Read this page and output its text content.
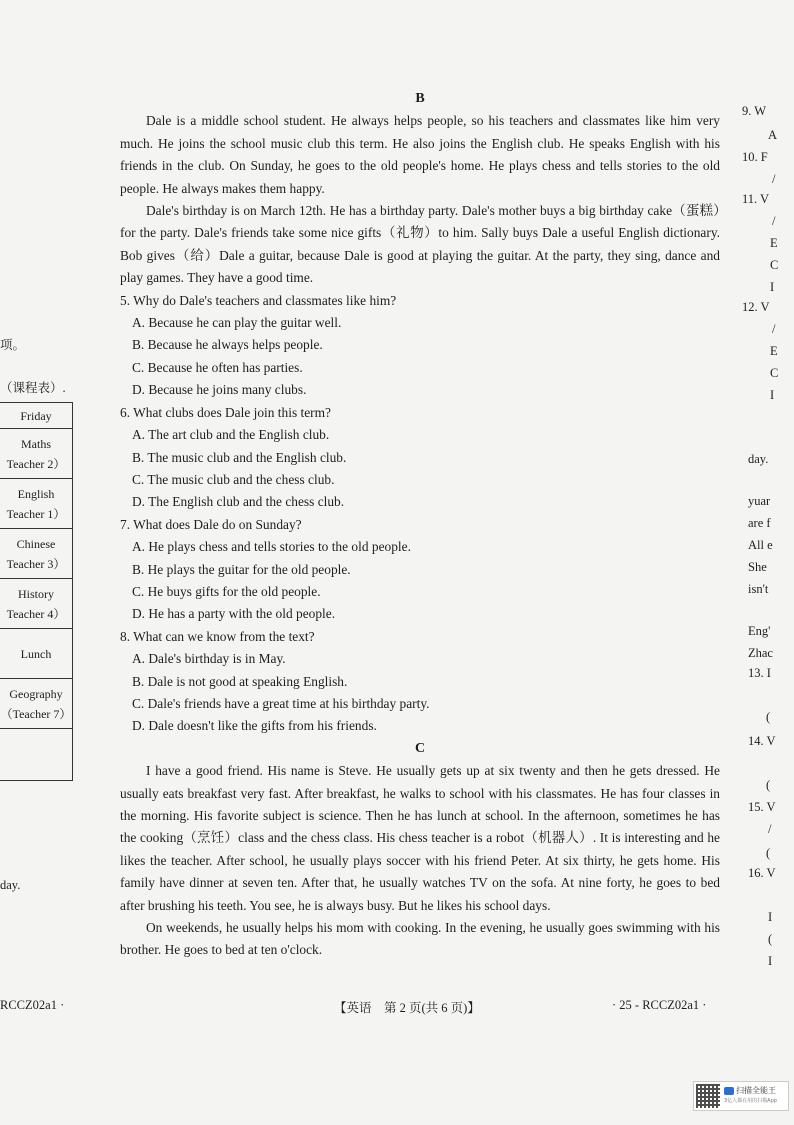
项。
（课程表）.
Friday
Maths
Teacher 2）
English
Teacher 1）
Chinese
Teacher 3）
History
Teacher 4）
Lunch
Geography
（Teacher 7）
day.
B

Dale is a middle school student. He always helps people, so his teachers and classmates like him very much. He joins the school music club this term. He also joins the English club. He speaks English with his friends in the club. On Sunday, he goes to the old people's home. He plays chess and tells stories to the old people. He always makes them happy.

Dale's birthday is on March 12th. He has a birthday party. Dale's mother buys a big birthday cake（蛋糕）for the party. Dale's friends take some nice gifts（礼物）to him. Sally buys Dale a useful English dictionary. Bob gives（给）Dale a guitar, because Dale is good at playing the guitar. At the party, they sing, dance and play games. They have a good time.

5. Why do Dale's teachers and classmates like him?
A. Because he can play the guitar well.
B. Because he always helps people.
C. Because he often has parties.
D. Because he joins many clubs.
6. What clubs does Dale join this term?
A. The art club and the English club.
B. The music club and the English club.
C. The music club and the chess club.
D. The English club and the chess club.
7. What does Dale do on Sunday?
A. He plays chess and tells stories to the old people.
B. He plays the guitar for the old people.
C. He buys gifts for the old people.
D. He has a party with the old people.
8. What can we know from the text?
A. Dale's birthday is in May.
B. Dale is not good at speaking English.
C. Dale's friends have a great time at his birthday party.
D. Dale doesn't like the gifts from his friends.
C

I have a good friend. His name is Steve. He usually gets up at six twenty and then he gets dressed. He usually eats breakfast very fast. After breakfast, he walks to school with his classmates. He has four classes in the morning. His favorite subject is science. Then he has lunch at school. In the afternoon, sometimes he has the cooking（烹饪）class and the chess class. His chess teacher is a robot（机器人）. It is interesting and he likes the teacher. After school, he usually plays soccer with his friend Peter. At six thirty, he gets home. His family have dinner at seven ten. After that, he usually watches TV on the sofa. At nine forty, he goes to bed after brushing his teeth. You see, he is always busy. But he likes his school days.

On weekends, he usually helps his mom with cooking. In the evening, he usually goes swimming with his brother. He goes to bed at ten o'clock.

9. W
A
10. F
/
11. V
/
E
C
I
12. V
/
E
C
I
day.
yuar
are f
All e
She
isn't
Eng'
Zhac
13. I
(
14. V
(
15. V
/
(
16. V
I
(
I
RCCZ02a1 ·	【英语　第 2 页(共 6 页)】	· 25 - RCCZ02a1 ·
扫描全能王
3亿人都在用的扫描App
